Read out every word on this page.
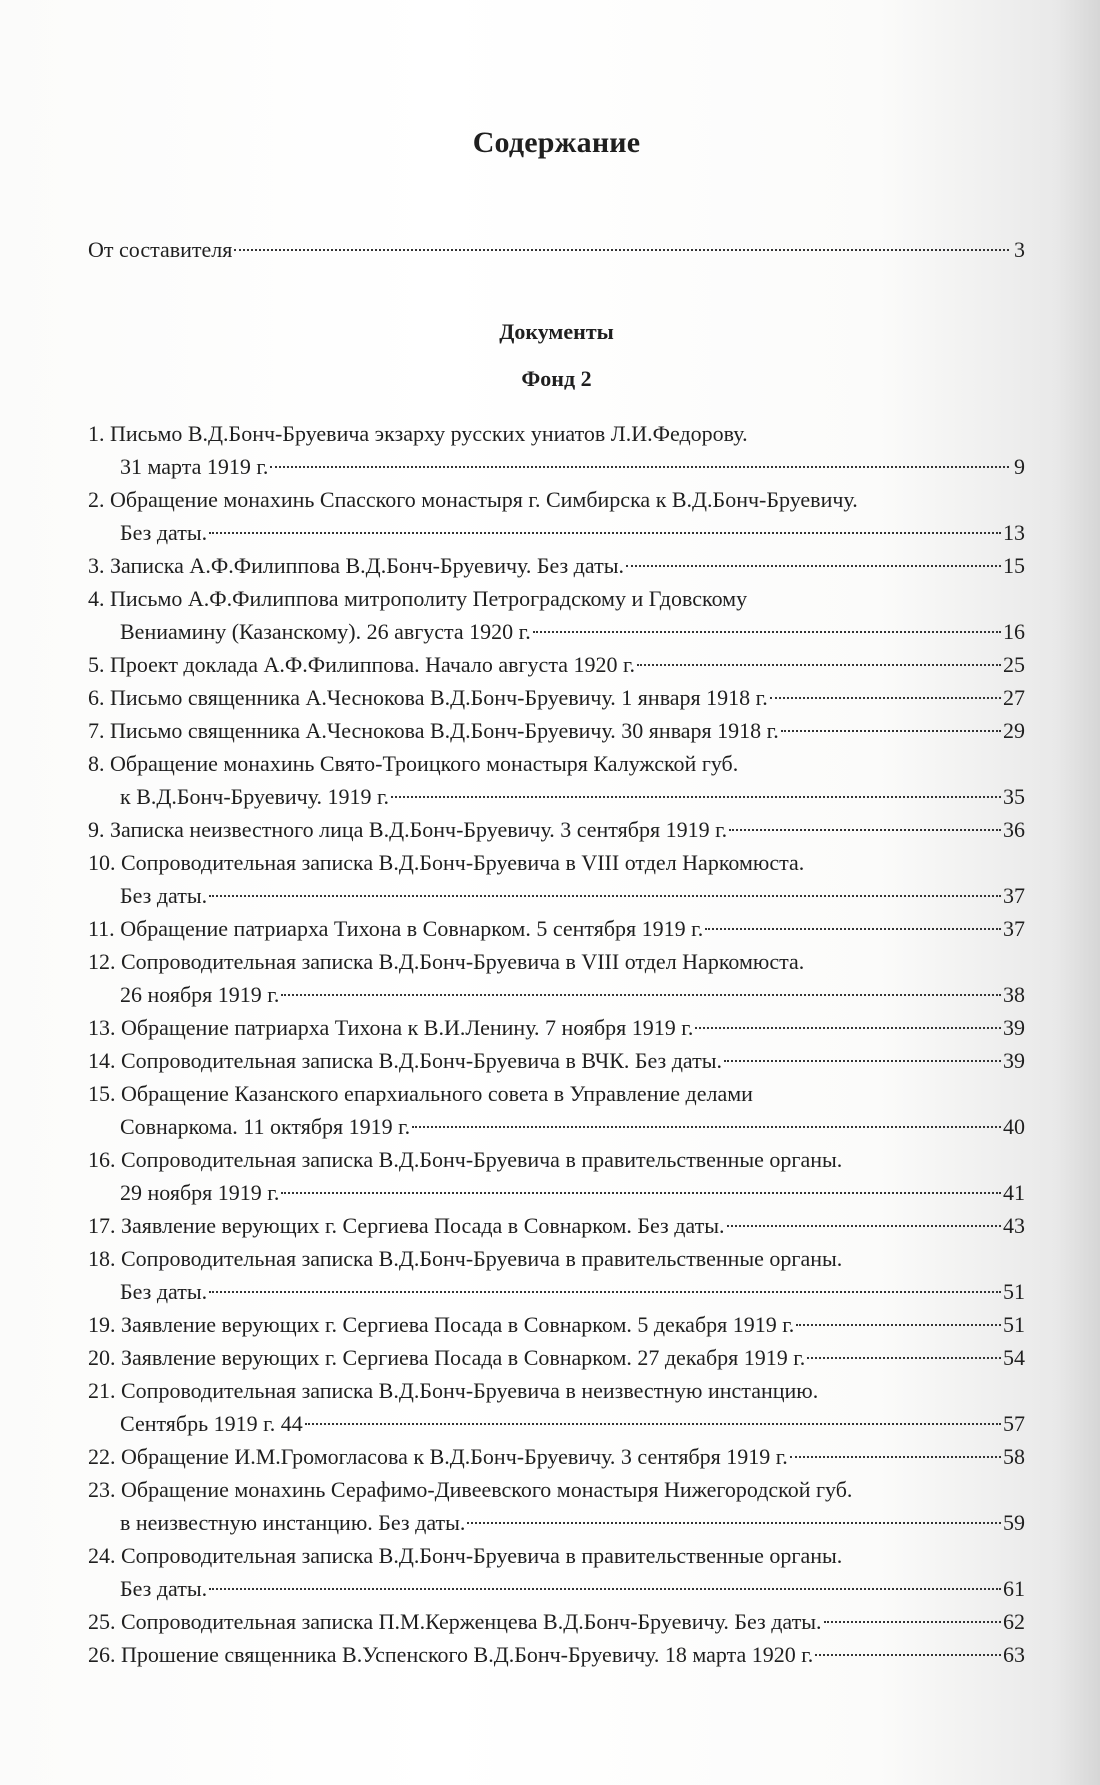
Содержание
От составителя	3
Документы
Фонд 2
1. Письмо В.Д.Бонч-Бруевича экзарху русских униатов Л.И.Федорову.
31 марта 1919 г.	9
2. Обращение монахинь Спасского монастыря г. Симбирска к В.Д.Бонч-Бруевичу.
Без даты.	13
3. Записка А.Ф.Филиппова В.Д.Бонч-Бруевичу. Без даты.	15
4. Письмо А.Ф.Филиппова митрополиту Петроградскому и Гдовскому
Вениамину (Казанскому). 26 августа 1920 г.	16
5. Проект доклада А.Ф.Филиппова. Начало августа 1920 г.	25
6. Письмо священника А.Чеснокова В.Д.Бонч-Бруевичу. 1 января 1918 г.	27
7. Письмо священника А.Чеснокова В.Д.Бонч-Бруевичу. 30 января 1918 г.	29
8. Обращение монахинь Свято-Троицкого монастыря Калужской губ.
к В.Д.Бонч-Бруевичу. 1919 г.	35
9. Записка неизвестного лица В.Д.Бонч-Бруевичу. 3 сентября 1919 г.	36
10. Сопроводительная записка В.Д.Бонч-Бруевича в VIII отдел Наркомюста.
Без даты.	37
11. Обращение патриарха Тихона в Совнарком. 5 сентября 1919 г.	37
12. Сопроводительная записка В.Д.Бонч-Бруевича в VIII отдел Наркомюста.
26 ноября 1919 г.	38
13. Обращение патриарха Тихона к В.И.Ленину. 7 ноября 1919 г.	39
14. Сопроводительная записка В.Д.Бонч-Бруевича в ВЧК. Без даты.	39
15. Обращение Казанского епархиального совета в Управление делами
Совнаркома. 11 октября 1919 г.	40
16. Сопроводительная записка В.Д.Бонч-Бруевича в правительственные органы.
29 ноября 1919 г.	41
17. Заявление верующих г. Сергиева Посада в Совнарком. Без даты.	43
18. Сопроводительная записка В.Д.Бонч-Бруевича в правительственные органы.
Без даты.	51
19. Заявление верующих г. Сергиева Посада в Совнарком. 5 декабря 1919 г.	51
20. Заявление верующих г. Сергиева Посада в Совнарком. 27 декабря 1919 г.	54
21. Сопроводительная записка В.Д.Бонч-Бруевича в неизвестную инстанцию.
Сентябрь 1919 г. 44	57
22. Обращение И.М.Громогласова к В.Д.Бонч-Бруевичу. 3 сентября 1919 г.	58
23. Обращение монахинь Серафимо-Дивеевского монастыря Нижегородской губ.
в неизвестную инстанцию. Без даты.	59
24. Сопроводительная записка В.Д.Бонч-Бруевича в правительственные органы.
Без даты.	61
25. Сопроводительная записка П.М.Керженцева В.Д.Бонч-Бруевичу. Без даты.	62
26. Прошение священника В.Успенского В.Д.Бонч-Бруевичу. 18 марта 1920 г.	63
